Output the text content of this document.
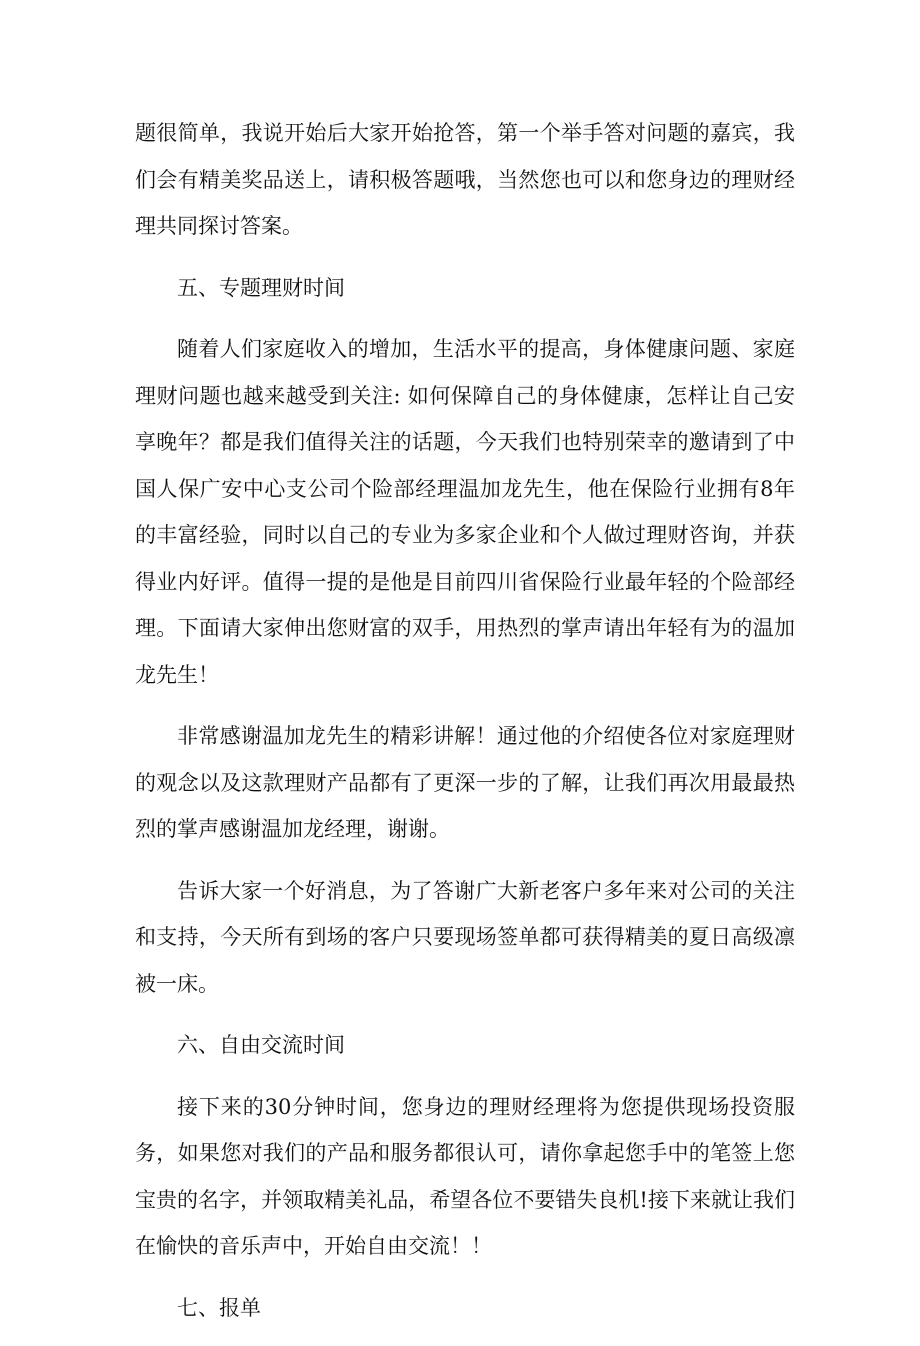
题很简单，我说开始后大家开始抢答，第一个举手答对问题的嘉宾，我们会有精美奖品送上，请积极答题哦，当然您也可以和您身边的理财经理共同探讨答案。

五、专题理财时间

随着人们家庭收入的增加，生活水平的提高，身体健康问题、家庭理财问题也越来越受到关注: 如何保障自己的身体健康，怎样让自己安享晚年？都是我们值得关注的话题，今天我们也特别荣幸的邀请到了中国人保广安中心支公司个险部经理温加龙先生，他在保险行业拥有8年的丰富经验，同时以自己的专业为多家企业和个人做过理财咨询，并获得业内好评。值得一提的是他是目前四川省保险行业最年轻的个险部经理。下面请大家伸出您财富的双手，用热烈的掌声请出年轻有为的温加龙先生！

非常感谢温加龙先生的精彩讲解！通过他的介绍使各位对家庭理财的观念以及这款理财产品都有了更深一步的了解，让我们再次用最最热烈的掌声感谢温加龙经理，谢谢。

告诉大家一个好消息，为了答谢广大新老客户多年来对公司的关注和支持，今天所有到场的客户只要现场签单都可获得精美的夏日高级凛被一床。

六、自由交流时间

接下来的30分钟时间，您身边的理财经理将为您提供现场投资服务，如果您对我们的产品和服务都很认可，请你拿起您手中的笔签上您宝贵的名字，并领取精美礼品，希望各位不要错失良机!接下来就让我们在愉快的音乐声中，开始自由交流！！

七、报单
